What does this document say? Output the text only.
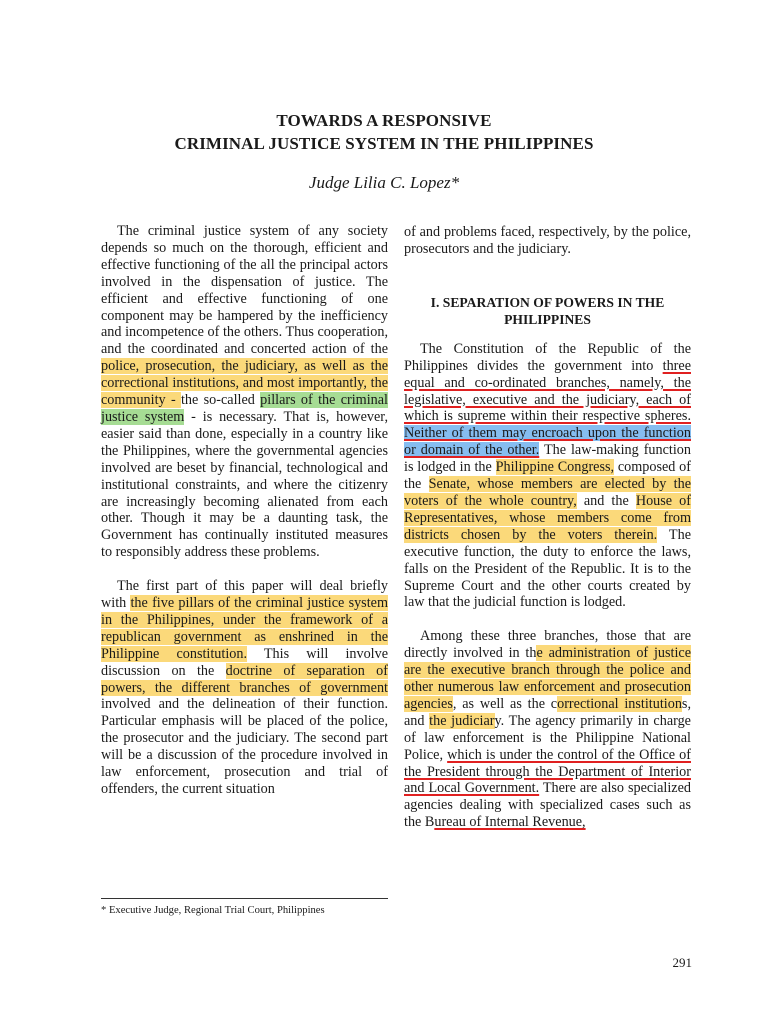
TOWARDS A RESPONSIVE
CRIMINAL JUSTICE SYSTEM IN THE PHILIPPINES
Judge Lilia C. Lopez*

The criminal justice system of any society depends so much on the thorough, efficient and effective functioning of the all the principal actors involved in the dispensation of justice. The efficient and effective functioning of one component may be hampered by the inefficiency and incompetence of the others. Thus cooperation, and the coordinated and concerted action of the police, prosecution, the judiciary, as well as the correctional institutions, and most importantly, the community - the so-called pillars of the criminal justice system - is necessary. That is, however, easier said than done, especially in a country like the Philippines, where the governmental agencies involved are beset by financial, technological and institutional constraints, and where the citizenry are increasingly becoming alienated from each other. Though it may be a daunting task, the Government has continually instituted measures to responsibly address these problems.

The first part of this paper will deal briefly with the five pillars of the criminal justice system in the Philippines, under the framework of a republican government as enshrined in the Philippine constitution. This will involve discussion on the doctrine of separation of powers, the different branches of government involved and the delineation of their function. Particular emphasis will be placed of the police, the prosecutor and the judiciary. The second part will be a discussion of the procedure involved in law enforcement, prosecution and trial of offenders, the current situation

of and problems faced, respectively, by the police, prosecutors and the judiciary.

I. SEPARATION OF POWERS IN THE PHILIPPINES

The Constitution of the Republic of the Philippines divides the government into three equal and co-ordinated branches, namely, the legislative, executive and the judiciary, each of which is supreme within their respective spheres. Neither of them may encroach upon the function or domain of the other. The law-making function is lodged in the Philippine Congress, composed of the Senate, whose members are elected by the voters of the whole country, and the House of Representatives, whose members come from districts chosen by the voters therein. The executive function, the duty to enforce the laws, falls on the President of the Republic. It is to the Supreme Court and the other courts created by law that the judicial function is lodged.

Among these three branches, those that are directly involved in the administration of justice are the executive branch through the police and other numerous law enforcement and prosecution agencies, as well as the correctional institutions, and the judiciary. The agency primarily in charge of law enforcement is the Philippine National Police, which is under the control of the Office of the President through the Department of Interior and Local Government. There are also specialized agencies dealing with specialized cases such as the Bureau of Internal Revenue,

* Executive Judge, Regional Trial Court, Philippines
291
